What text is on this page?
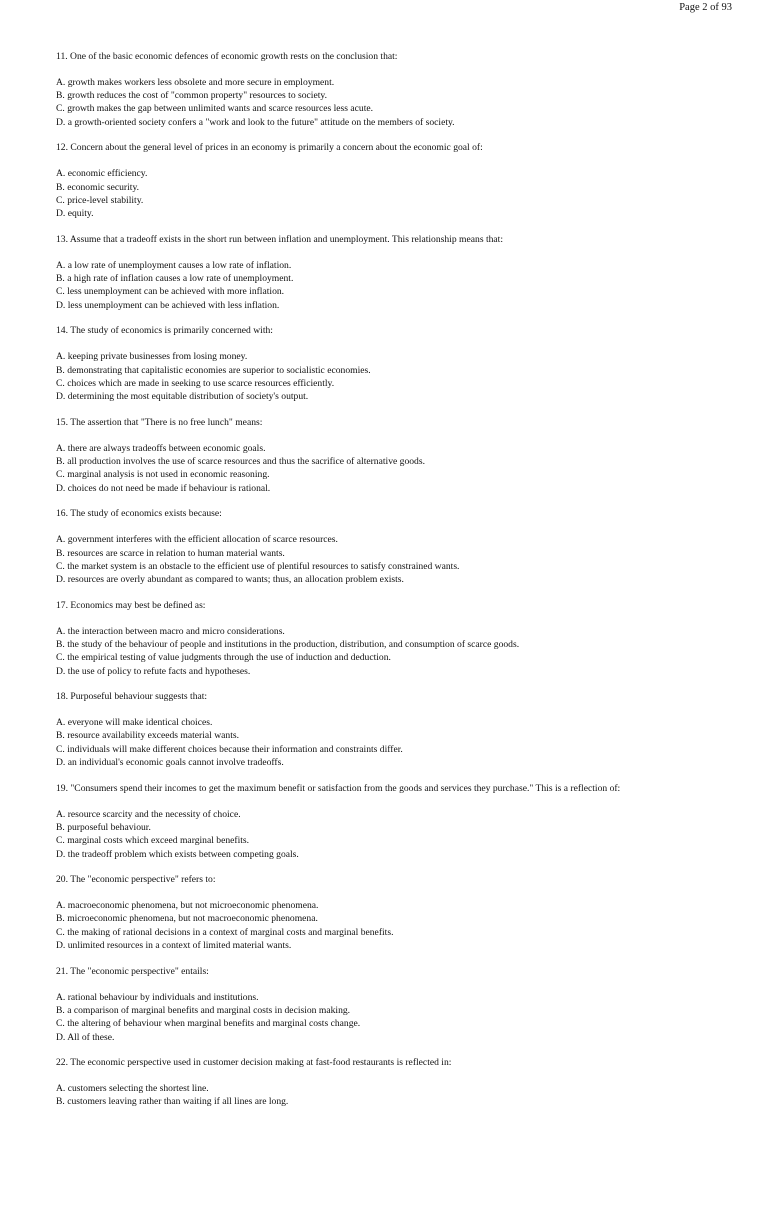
Page 2 of 93
11. One of the basic economic defences of economic growth rests on the conclusion that:
A. growth makes workers less obsolete and more secure in employment.
B. growth reduces the cost of "common property" resources to society.
C. growth makes the gap between unlimited wants and scarce resources less acute.
D. a growth-oriented society confers a "work and look to the future" attitude on the members of society.
12. Concern about the general level of prices in an economy is primarily a concern about the economic goal of:
A. economic efficiency.
B. economic security.
C. price-level stability.
D. equity.
13. Assume that a tradeoff exists in the short run between inflation and unemployment. This relationship means that:
A. a low rate of unemployment causes a low rate of inflation.
B. a high rate of inflation causes a low rate of unemployment.
C. less unemployment can be achieved with more inflation.
D. less unemployment can be achieved with less inflation.
14. The study of economics is primarily concerned with:
A. keeping private businesses from losing money.
B. demonstrating that capitalistic economies are superior to socialistic economies.
C. choices which are made in seeking to use scarce resources efficiently.
D. determining the most equitable distribution of society's output.
15. The assertion that "There is no free lunch" means:
A. there are always tradeoffs between economic goals.
B. all production involves the use of scarce resources and thus the sacrifice of alternative goods.
C. marginal analysis is not used in economic reasoning.
D. choices do not need be made if behaviour is rational.
16. The study of economics exists because:
A. government interferes with the efficient allocation of scarce resources.
B. resources are scarce in relation to human material wants.
C. the market system is an obstacle to the efficient use of plentiful resources to satisfy constrained wants.
D. resources are overly abundant as compared to wants; thus, an allocation problem exists.
17. Economics may best be defined as:
A. the interaction between macro and micro considerations.
B. the study of the behaviour of people and institutions in the production, distribution, and consumption of scarce goods.
C. the empirical testing of value judgments through the use of induction and deduction.
D. the use of policy to refute facts and hypotheses.
18. Purposeful behaviour suggests that:
A. everyone will make identical choices.
B. resource availability exceeds material wants.
C. individuals will make different choices because their information and constraints differ.
D. an individual's economic goals cannot involve tradeoffs.
19. "Consumers spend their incomes to get the maximum benefit or satisfaction from the goods and services they purchase." This is a reflection of:
A. resource scarcity and the necessity of choice.
B. purposeful behaviour.
C. marginal costs which exceed marginal benefits.
D. the tradeoff problem which exists between competing goals.
20. The "economic perspective" refers to:
A. macroeconomic phenomena, but not microeconomic phenomena.
B. microeconomic phenomena, but not macroeconomic phenomena.
C. the making of rational decisions in a context of marginal costs and marginal benefits.
D. unlimited resources in a context of limited material wants.
21. The "economic perspective" entails:
A. rational behaviour by individuals and institutions.
B. a comparison of marginal benefits and marginal costs in decision making.
C. the altering of behaviour when marginal benefits and marginal costs change.
D. All of these.
22. The economic perspective used in customer decision making at fast-food restaurants is reflected in:
A. customers selecting the shortest line.
B. customers leaving rather than waiting if all lines are long.
